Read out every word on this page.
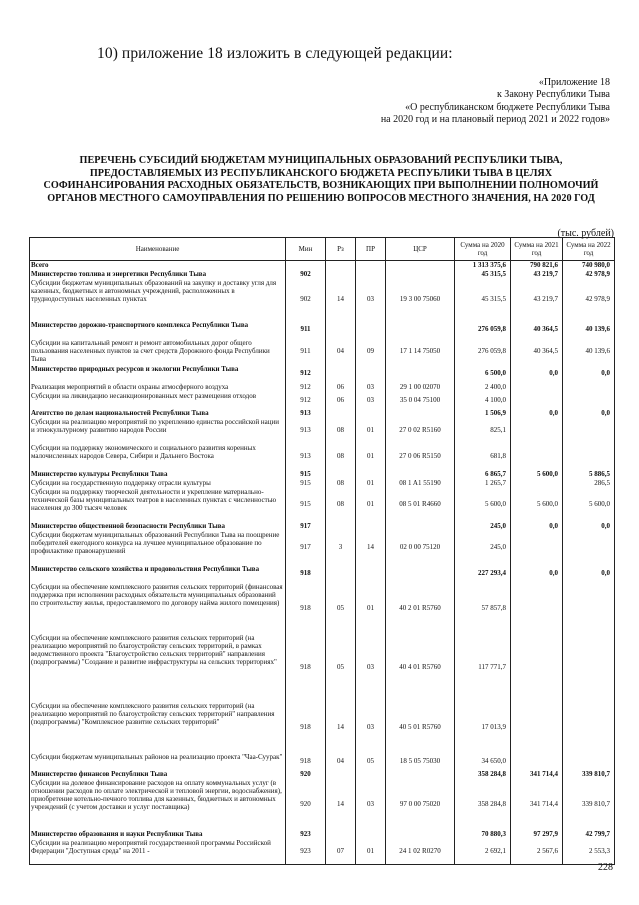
10) приложение 18 изложить в следующей редакции:
«Приложение 18
к Закону Республики Тыва
«О республиканском бюджете Республики Тыва
на 2020 год и на плановый период 2021 и 2022 годов»
ПЕРЕЧЕНЬ СУБСИДИЙ БЮДЖЕТАМ МУНИЦИПАЛЬНЫХ ОБРАЗОВАНИЙ РЕСПУБЛИКИ ТЫВА, ПРЕДОСТАВЛЯЕМЫХ ИЗ РЕСПУБЛИКАНСКОГО БЮДЖЕТА РЕСПУБЛИКИ ТЫВА В ЦЕЛЯХ СОФИНАНСИРОВАНИЯ РАСХОДНЫХ ОБЯЗАТЕЛЬСТВ, ВОЗНИКАЮЩИХ ПРИ ВЫПОЛНЕНИИ ПОЛНОМОЧИЙ ОРГАНОВ МЕСТНОГО САМОУПРАВЛЕНИЯ ПО РЕШЕНИЮ ВОПРОСОВ МЕСТНОГО ЗНАЧЕНИЯ, НА 2020 ГОД
(тыс. рублей)
Наименование	Мин	Рз	ПР	ЦСР	Сумма на 2020 год	Сумма на 2021 год	Сумма на 2022 год
Всего					1 313 375,6	790 821,6	740 980,0
Министерство топлива и энергетики Республики Тыва	902				45 315,5	43 219,7	42 978,9
Субсидии бюджетам муниципальных образований на закупку и доставку угля для казенных, бюджетных и автономных учреждений, расположенных в труднодоступных населенных пунктах	902	14	03	19 3 00 75060	45 315,5	43 219,7	42 978,9
Министерство дорожно-транспортного комплекса Республики Тыва	911				276 059,8	40 364,5	40 139,6
Субсидии на капитальный ремонт и ремонт автомобильных дорог общего пользования населенных пунктов за счет средств Дорожного фонда Республики Тыва	911	04	09	17 1 14 75050	276 059,8	40 364,5	40 139,6
Министерство природных ресурсов и экологии Республики Тыва	912				6 500,0	0,0	0,0
Реализация мероприятий в области охраны атмосферного воздуха	912	06	03	29 1 00 02070	2 400,0		
Субсидии на ликвидацию несанкционированных мест размещения отходов	912	06	03	35 0 04 75100	4 100,0		
Агентство по делам национальностей Республики Тыва	913				1 506,9	0,0	0,0
Субсидии на реализацию мероприятий по укреплению единства российской нации и этнокультурному развитию народов России	913	08	01	27 0 02 R5160	825,1		
Субсидии на поддержку экономического и социального развития коренных малочисленных народов Севера, Сибири и Дальнего Востока	913	08	01	27 0 06 R5150	681,8		
Министерство культуры Республики Тыва	915				6 865,7	5 600,0	5 886,5
Субсидии на государственную поддержку отрасли культуры	915	08	01	08 1 A1 55190	1 265,7		286,5
Субсидии на поддержку творческой деятельности и укрепление материально-технической базы муниципальных театров в населенных пунктах с численностью населения до 300 тысяч человек	915	08	01	08 5 01 R4660	5 600,0	5 600,0	5 600,0
Министерство общественной безопасности Республики Тыва	917				245,0	0,0	0,0
Субсидии бюджетам муниципальных образований Республики Тыва на поощрение победителей ежегодного конкурса на лучшее муниципальное образование по профилактике правонарушений	917	3	14	02 0 00 75120	245,0		
Министерство сельского хозяйства и продовольствия Республики Тыва	918				227 293,4	0,0	0,0
Субсидии на обеспечение комплексного развития сельских территорий (финансовая поддержка при исполнении расходных обязательств муниципальных образований по строительству жилья, предоставляемого по договору найма жилого помещения)	918	05	01	40 2 01 R5760	57 857,8		
Субсидии на обеспечение комплексного развития сельских территорий (на реализацию мероприятий по благоустройству сельских территорий, в рамках ведомственного проекта "Благоустройство сельских территорий" направления (подпрограммы) "Создание и развитие инфраструктуры на сельских территориях"	918	05	03	40 4 01 R5760	117 771,7		
Субсидии на обеспечение комплексного развития сельских территорий (на реализацию мероприятий по благоустройству сельских территорий" направления (подпрограммы) "Комплексное развитие сельских территорий"	918	14	03	40 5 01 R5760	17 013,9		
Субсидии бюджетам муниципальных районов на реализацию проекта "Чаа-Суурак"	918	04	05	18 5 05 75030	34 650,0		
Министерство финансов Республики Тыва	920				358 284,8	341 714,4	339 810,7
Субсидии на долевое финансирование расходов на оплату коммунальных услуг (в отношении расходов по оплате электрической и тепловой энергии, водоснабжения), приобретение котельно-печного топлива для казенных, бюджетных и автономных учреждений (с учетом доставки и услуг поставщика)	920	14	03	97 0 00 75020	358 284,8	341 714,4	339 810,7
Министерство образования и науки Республики Тыва	923				70 880,3	97 297,9	42 799,7
Субсидии на реализацию мероприятий государственной программы Российской Федерации "Доступная среда" на 2011 -	923	07	01	24 1 02 R0270	2 692,1	2 567,6	2 553,3
228
